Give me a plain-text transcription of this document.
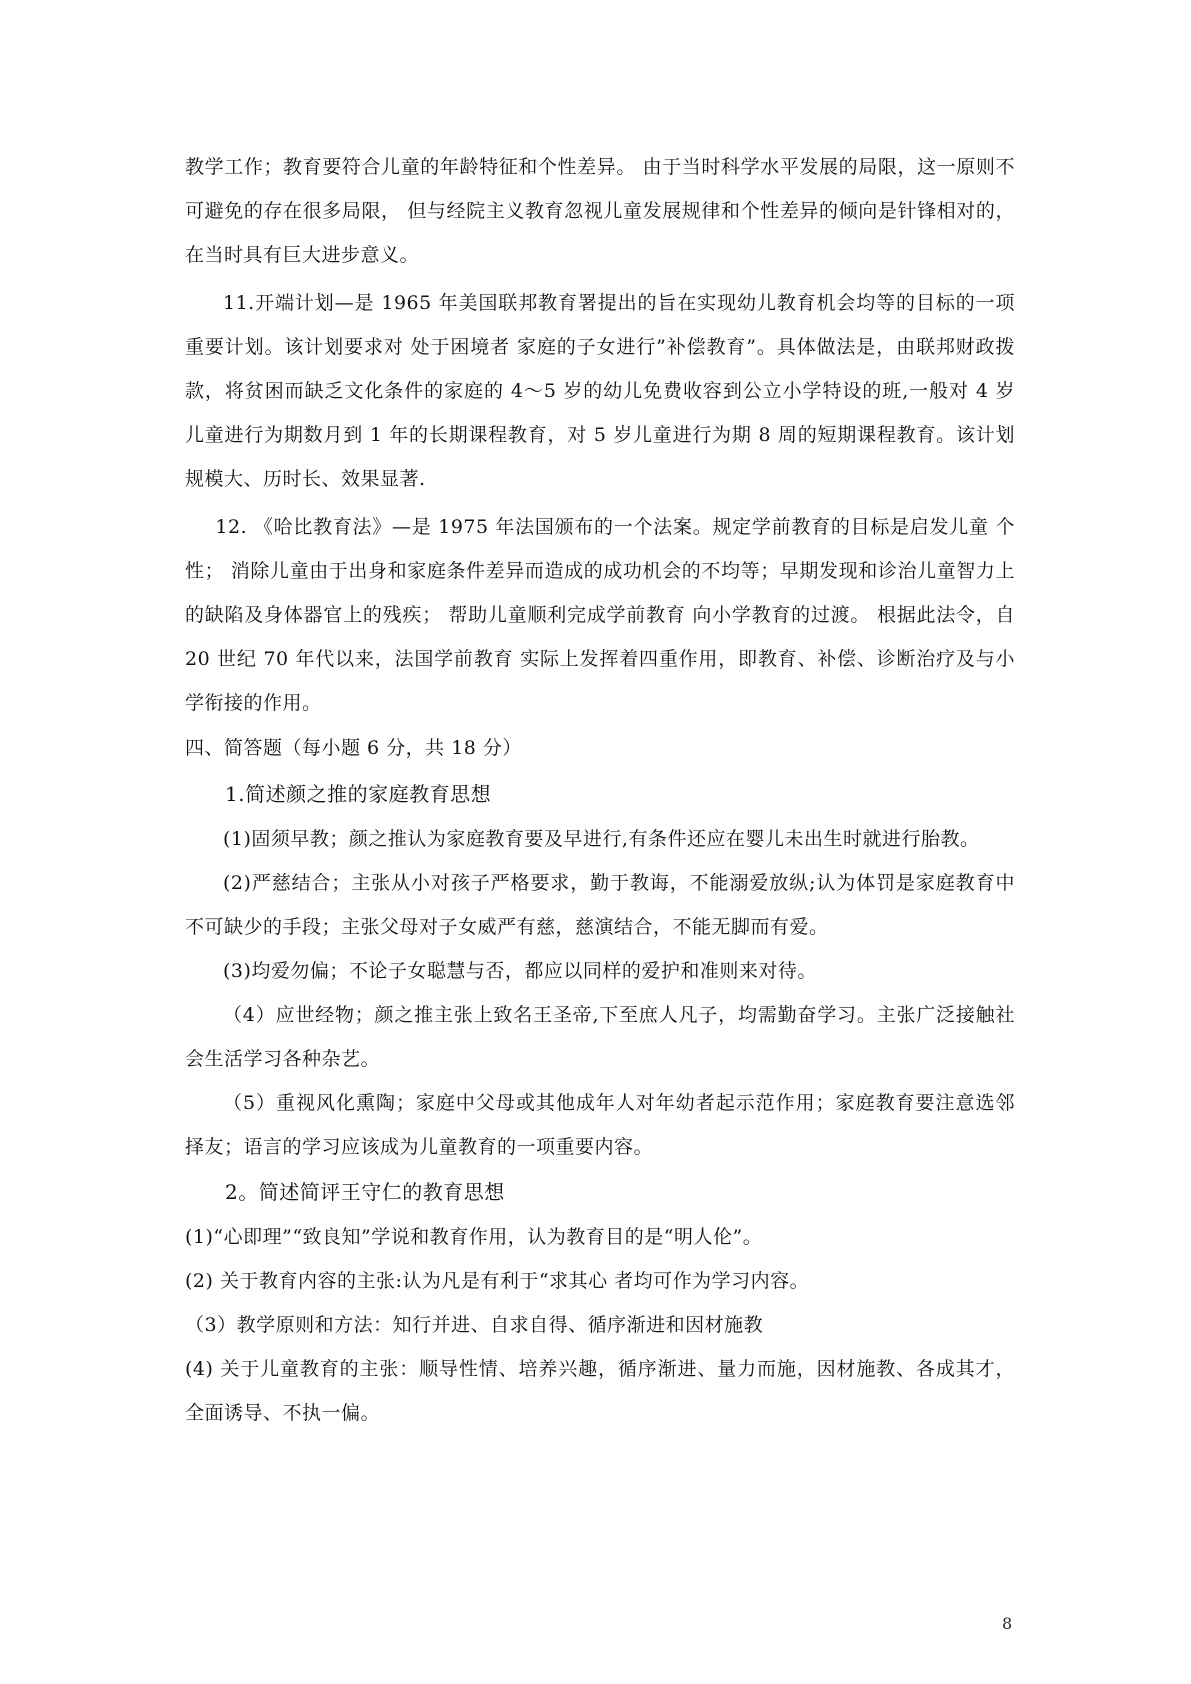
教学工作；教育要符合儿童的年龄特征和个性差异。 由于当时科学水平发展的局限，这一原则不可避免的存在很多局限， 但与经院主义教育忽视儿童发展规律和个性差异的倾向是针锋相对的，在当时具有巨大进步意义。

11.开端计划—是 1965 年美国联邦教育署提出的旨在实现幼儿教育机会均等的目标的一项重要计划。该计划要求对 处于困境者 家庭的子女进行”补偿教育”。具体做法是，由联邦财政拨款，将贫困而缺乏文化条件的家庭的 4～5 岁的幼儿免费收容到公立小学特设的班,一般对 4 岁儿童进行为期数月到 1 年的长期课程教育，对 5 岁儿童进行为期 8 周的短期课程教育。该计划规模大、历时长、效果显著.

12. 《哈比教育法》—是 1975 年法国颁布的一个法案。规定学前教育的目标是启发儿童 个性； 消除儿童由于出身和家庭条件差异而造成的成功机会的不均等；早期发现和诊治儿童智力上的缺陷及身体器官上的残疾； 帮助儿童顺利完成学前教育 向小学教育的过渡。 根据此法令，自 20 世纪 70 年代以来，法国学前教育 实际上发挥着四重作用，即教育、补偿、诊断治疗及与小学衔接的作用。

四、简答题（每小题 6 分，共 18 分）

1.简述颜之推的家庭教育思想

(1)固须早教；颜之推认为家庭教育要及早进行,有条件还应在婴儿未出生时就进行胎教。

(2)严慈结合；主张从小对孩子严格要求，勤于教诲，不能溺爱放纵;认为体罚是家庭教育中不可缺少的手段；主张父母对子女威严有慈，慈演结合，不能无脚而有爱。

(3)均爱勿偏；不论子女聪慧与否，都应以同样的爱护和准则来对待。

（4）应世经物；颜之推主张上致名王圣帝,下至庶人凡子，均需勤奋学习。主张广泛接触社会生活学习各种杂艺。

（5）重视风化熏陶；家庭中父母或其他成年人对年幼者起示范作用；家庭教育要注意选邻择友；语言的学习应该成为儿童教育的一项重要内容。

2。简述简评王守仁的教育思想

(1)“心即理”“致良知”学说和教育作用，认为教育目的是“明人伦”。

(2) 关于教育内容的主张:认为凡是有利于“求其心 者均可作为学习内容。

（3）教学原则和方法：知行并进、自求自得、循序渐进和因材施教

(4) 关于儿童教育的主张：顺导性情、培养兴趣，循序渐进、量力而施，因材施教、各成其才，全面诱导、不执一偏。

8
